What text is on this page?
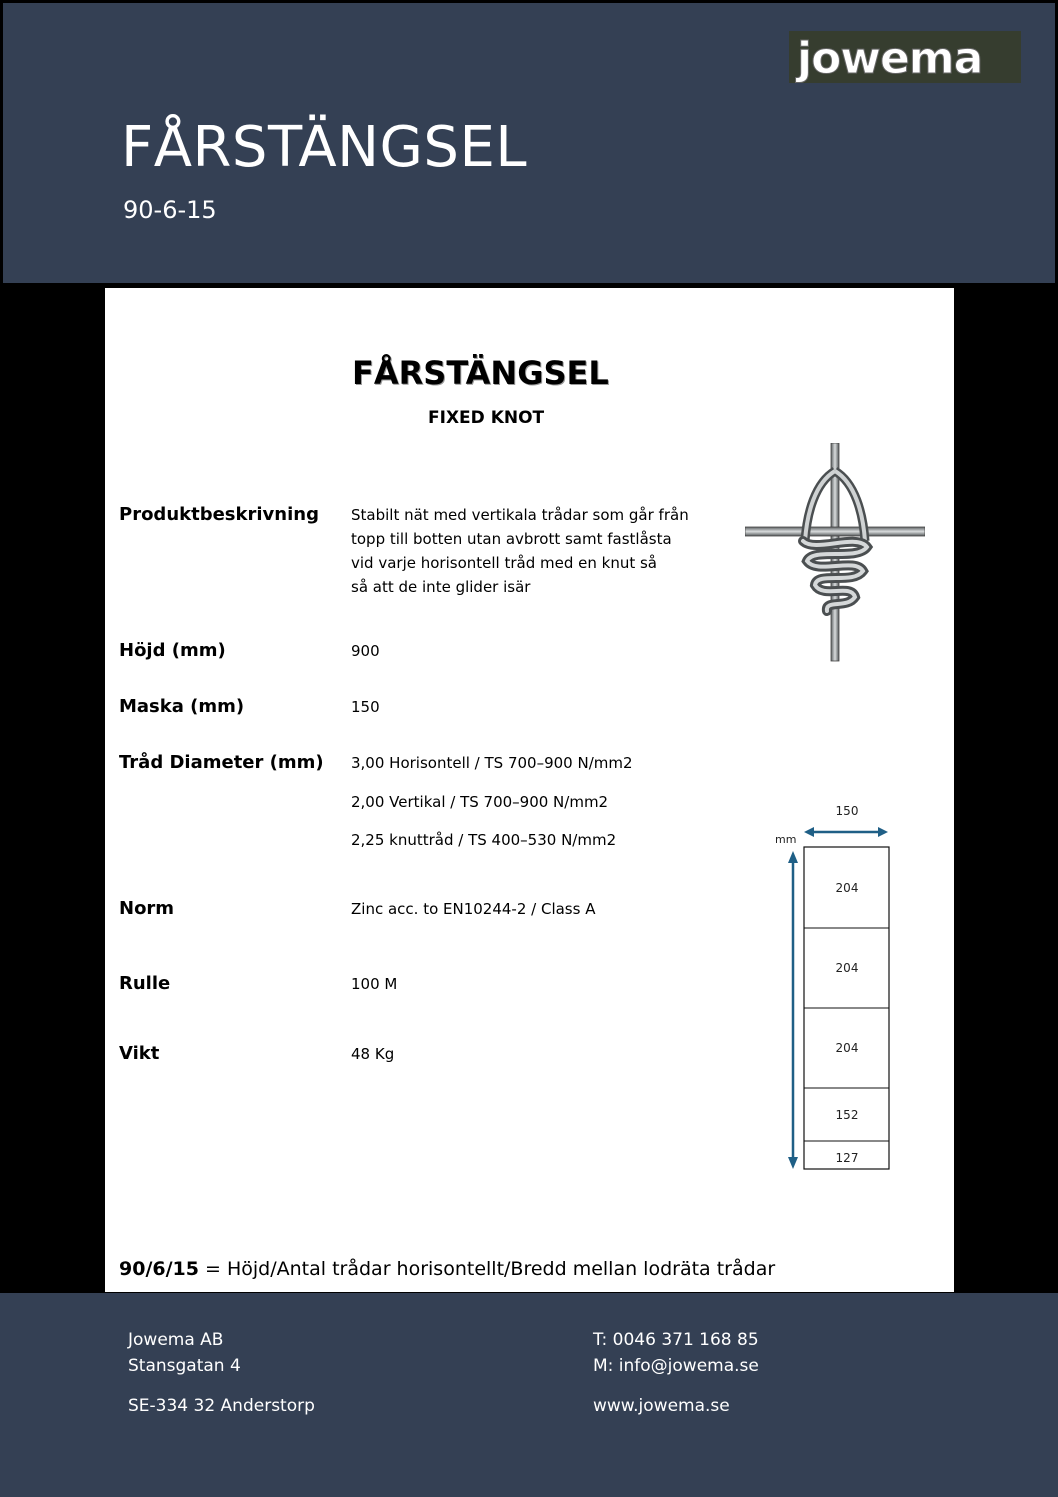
jowema
FÅRSTÄNGSEL
90-6-15
FÅRSTÄNGSEL
FIXED KNOT
Produktbeskrivning Stabilt nät med vertikala trådar som går från
topp till botten utan avbrott samt fastlåsta
vid varje horisontell tråd med en knut så
så att de inte glider isär
Höjd (mm)	900
Maska (mm)	150
Tråd Diameter (mm) 3,00 Horisontell / TS 700–900 N/mm2
2,00 Vertikal / TS 700–900 N/mm2
2,25 knuttråd / TS 400–530 N/mm2
Norm	Zinc acc. to EN10244-2 / Class A
Rulle	100 M
Vikt	48 Kg
150
mm
204
204
204
152
127
90/6/15 = Höjd/Antal trådar horisontellt/Bredd mellan lodräta trådar
Jowema AB
Stansgatan 4
SE-334 32 Anderstorp
T: 0046 371 168 85
M: info@jowema.se
www.jowema.se
